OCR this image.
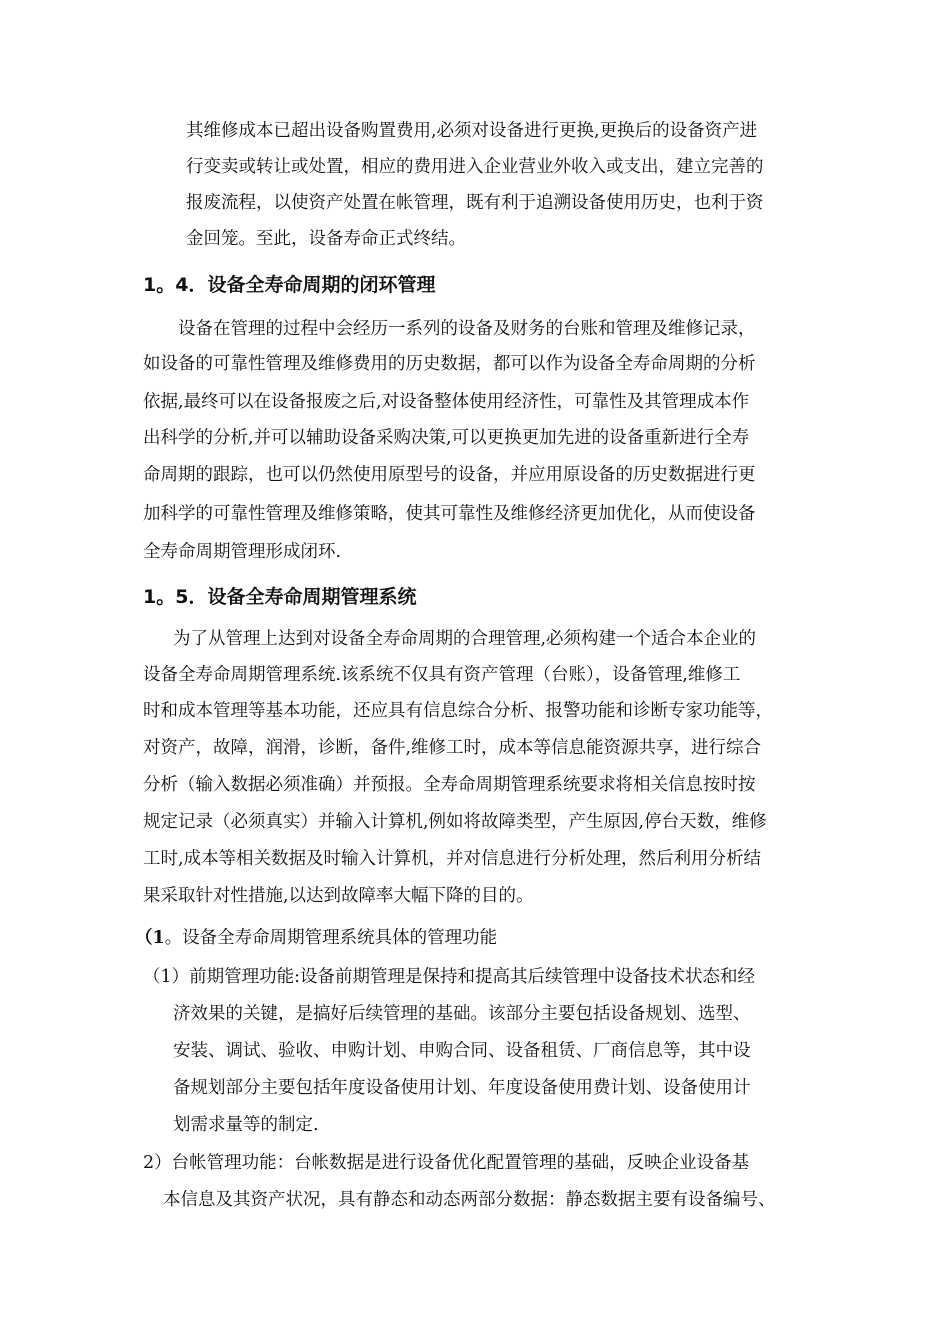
其维修成本已超出设备购置费用,必须对设备进行更换,更换后的设备资产进
行变卖或转让或处置，相应的费用进入企业营业外收入或支出，建立完善的
报废流程，以使资产处置在帐管理，既有利于追溯设备使用历史，也利于资
金回笼。至此，设备寿命正式终结。
1。4．设备全寿命周期的闭环管理
设备在管理的过程中会经历一系列的设备及财务的台账和管理及维修记录，
如设备的可靠性管理及维修费用的历史数据，都可以作为设备全寿命周期的分析
依据,最终可以在设备报废之后,对设备整体使用经济性，可靠性及其管理成本作
出科学的分析,并可以辅助设备采购决策,可以更换更加先进的设备重新进行全寿
命周期的跟踪，也可以仍然使用原型号的设备，并应用原设备的历史数据进行更
加科学的可靠性管理及维修策略，使其可靠性及维修经济更加优化，从而使设备
全寿命周期管理形成闭环.
1。5．设备全寿命周期管理系统
为了从管理上达到对设备全寿命周期的合理管理,必须构建一个适合本企业的
设备全寿命周期管理系统.该系统不仅具有资产管理（台账），设备管理,维修工
时和成本管理等基本功能，还应具有信息综合分析、报警功能和诊断专家功能等，
对资产，故障，润滑，诊断，备件,维修工时，成本等信息能资源共享，进行综合
分析（输入数据必须准确）并预报。全寿命周期管理系统要求将相关信息按时按
规定记录（必须真实）并输入计算机,例如将故障类型，产生原因,停台天数，维修
工时,成本等相关数据及时输入计算机，并对信息进行分析处理，然后利用分析结
果采取针对性措施,以达到故障率大幅下降的目的。
（1。设备全寿命周期管理系统具体的管理功能
（1）前期管理功能:设备前期管理是保持和提高其后续管理中设备技术状态和经
济效果的关键，是搞好后续管理的基础。该部分主要包括设备规划、选型、
安装、调试、验收、申购计划、申购合同、设备租赁、厂商信息等，其中设
备规划部分主要包括年度设备使用计划、年度设备使用费计划、设备使用计
划需求量等的制定.
2）台帐管理功能：台帐数据是进行设备优化配置管理的基础，反映企业设备基
本信息及其资产状况，具有静态和动态两部分数据：静态数据主要有设备编号、
